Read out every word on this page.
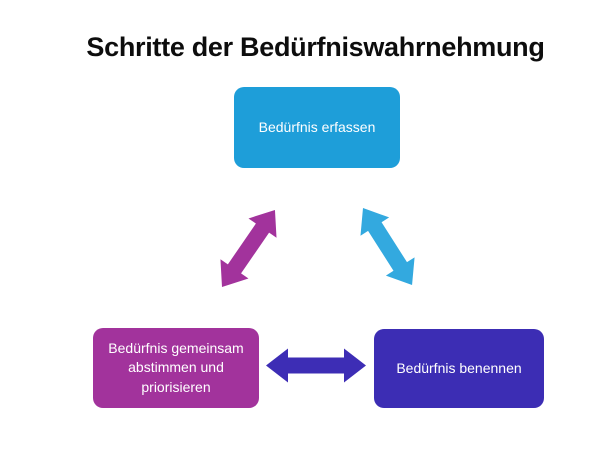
Schritte der Bedürfniswahrnehmung
Bedürfnis erfassen
Bedürfnis gemeinsam abstimmen und priorisieren
Bedürfnis benennen
